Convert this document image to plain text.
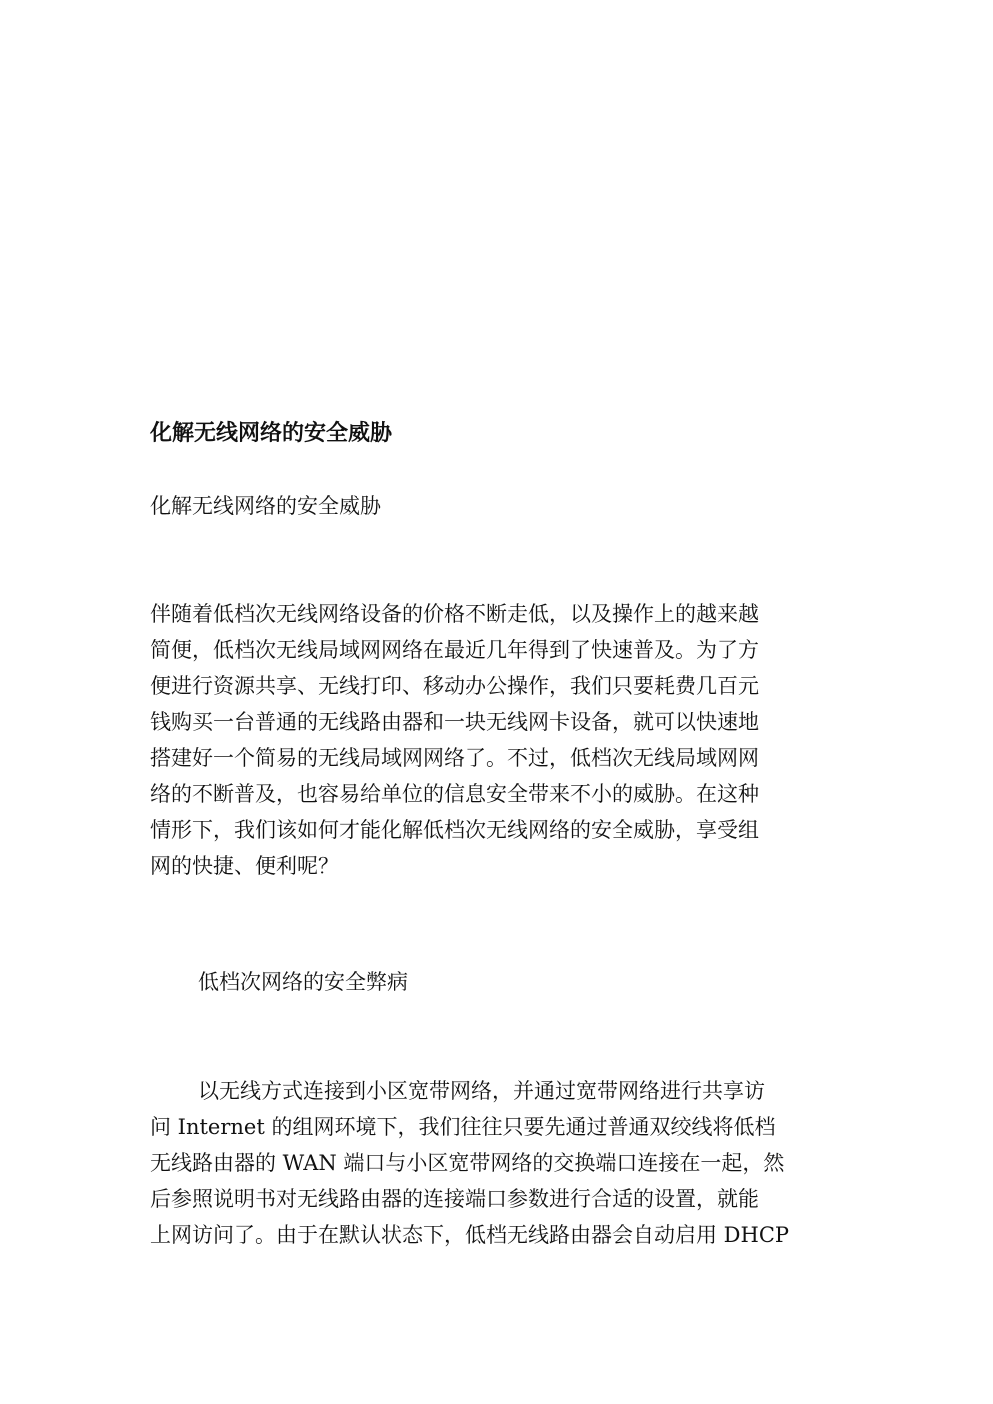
化解无线网络的安全威胁
化解无线网络的安全威胁
伴随着低档次无线网络设备的价格不断走低，以及操作上的越来越
简便，低档次无线局域网网络在最近几年得到了快速普及。为了方
便进行资源共享、无线打印、移动办公操作，我们只要耗费几百元
钱购买一台普通的无线路由器和一块无线网卡设备，就可以快速地
搭建好一个简易的无线局域网网络了。不过，低档次无线局域网网
络的不断普及，也容易给单位的信息安全带来不小的威胁。在这种
情形下，我们该如何才能化解低档次无线网络的安全威胁，享受组
网的快捷、便利呢？
低档次网络的安全弊病
以无线方式连接到小区宽带网络，并通过宽带网络进行共享访
问 Internet 的组网环境下，我们往往只要先通过普通双绞线将低档
无线路由器的 WAN 端口与小区宽带网络的交换端口连接在一起，然
后参照说明书对无线路由器的连接端口参数进行合适的设置，就能
上网访问了。由于在默认状态下，低档无线路由器会自动启用 DHCP
